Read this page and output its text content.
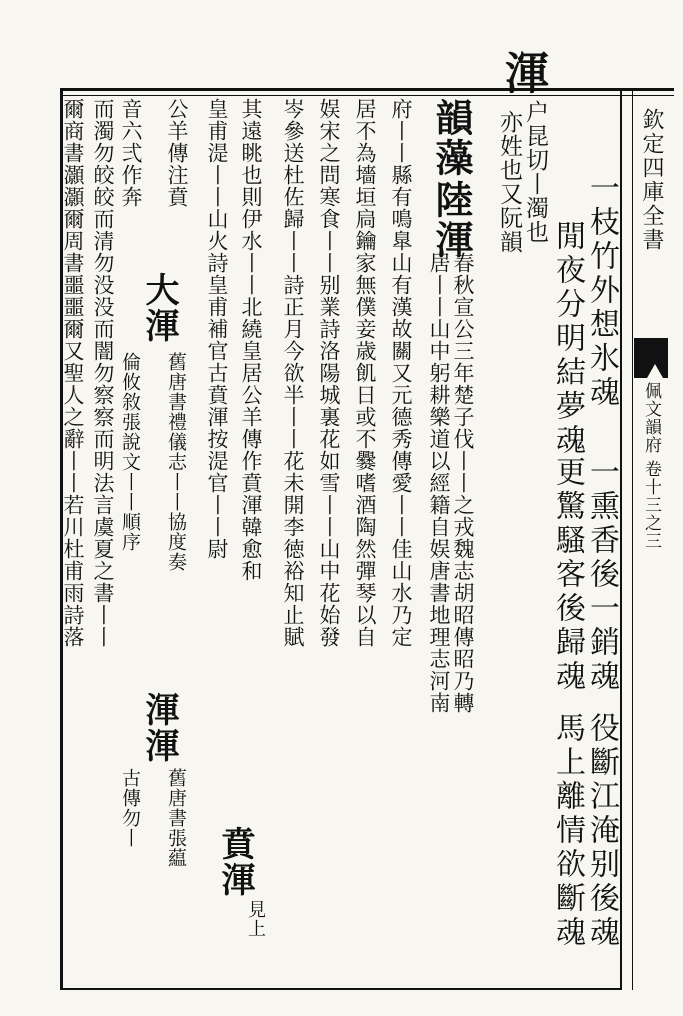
欽定四庫全書
佩文韻府
卷十三之三
一枝竹外想氷魂
一熏香後一銷魂
役斷江淹别後魂
閒夜分明結夢魂
更驚騷客後歸魂
馬上離情欲斷魂
渾
户昆切丨濁也
亦姓也又阮韻
韻藻
陸渾
春秋宣公三年楚子伐丨丨之戎魏志胡昭傳昭乃轉
居丨丨山中躬耕樂道以經籍自娱唐書地理志河南
府丨丨縣有鳴臯山有漢故關又元德秀傳愛丨丨佳山水乃定
居不為墻垣扃鑰家無僕妾歳飢日或不爨嗜酒陶然彈琴以自
娱宋之問寒食丨丨别業詩洛陽城裏花如雪丨丨山中花始發
岑參送杜佐歸丨丨詩正月今欲半丨丨花未開李徳裕知止賦
其遠眺也則伊水丨丨北繞皇居公羊傳作賁渾韓愈和
賁渾
見上
皇甫湜丨丨山火詩皇甫補官古賁渾按湜官丨丨尉
公羊傳注賁
大渾
舊唐書禮儀志丨丨協度奏
渾渾
舊唐書張藴
音六弍作奔
倫攸敘張說文丨丨順序
古傳勿丨
而濁勿皎皎而清勿没没而闇勿察察而明法言虞夏之書丨丨
爾商書灝灝爾周書噩噩爾又聖人之辭丨丨若川杜甫雨詩落
